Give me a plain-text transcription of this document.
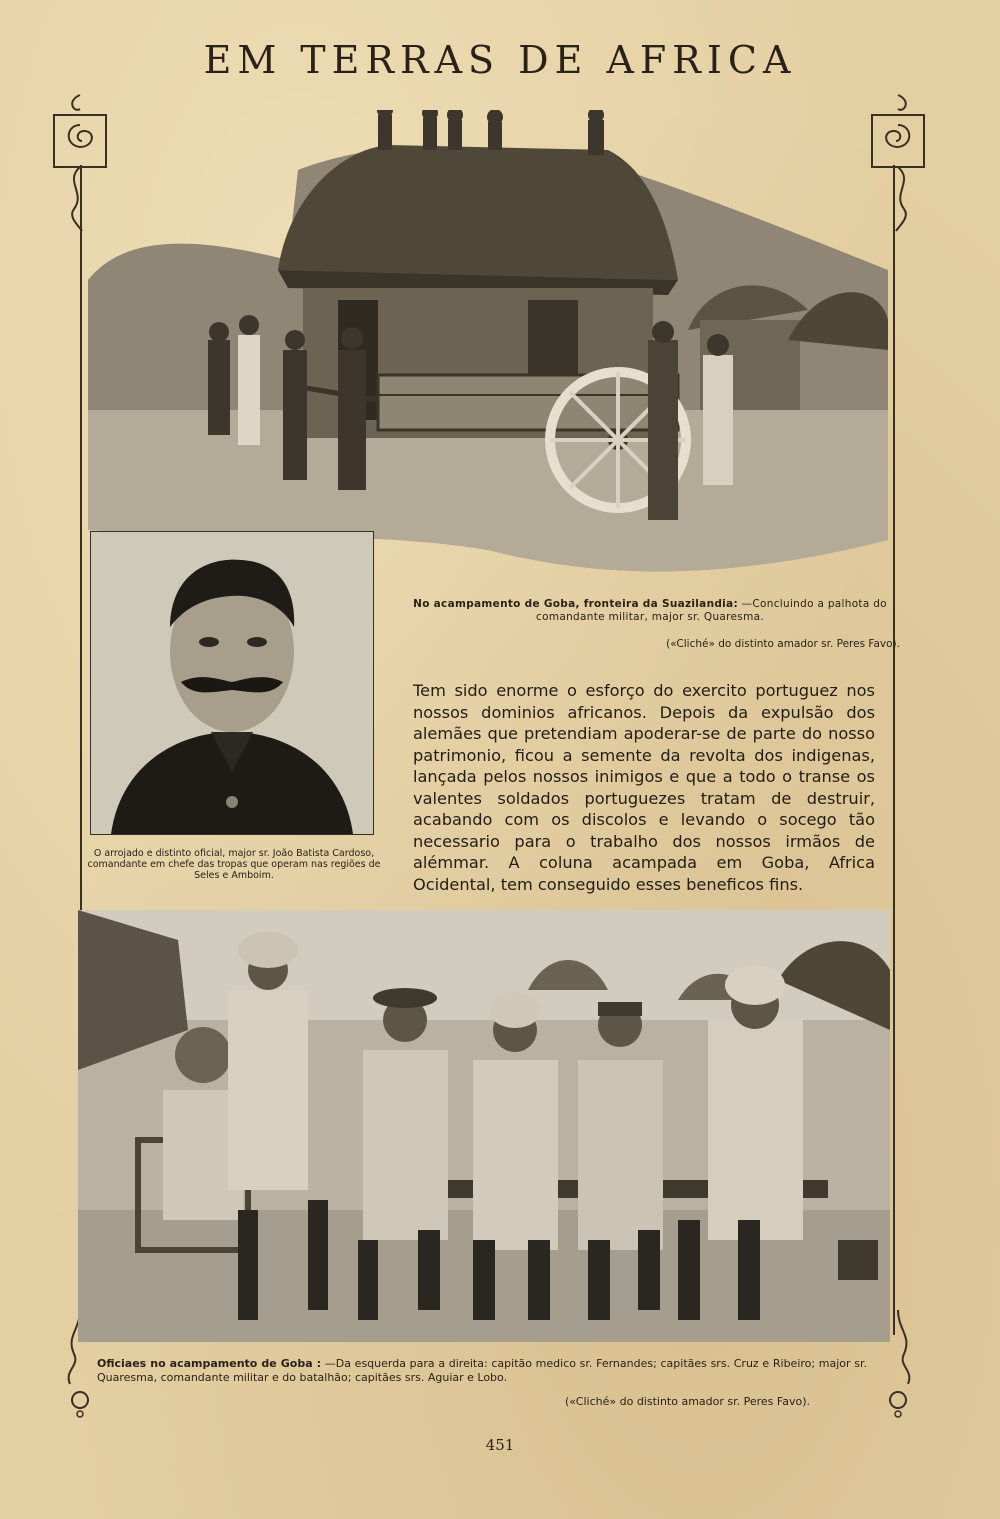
EM TERRAS DE AFRICA
No acampamento de Goba, fronteira da Suazilandia: —Concluindo a palhota do comandante militar, major sr. Quaresma.
(«Cliché» do distinto amador sr. Peres Favo).
O arrojado e distinto oficial, major sr. João Batista Cardoso, comandante em chefe das tropas que operam nas regiões de Seles e Amboim.
Tem sido enorme o esforço do exercito portuguez nos nossos dominios africanos. Depois da expulsão dos alemães que pretendiam apoderar-se de parte do nosso patrimonio, ficou a semente da revolta dos indigenas, lançada pelos nossos inimigos e que a todo o transe os valentes soldados portuguezes tratam de destruir, acabando com os discolos e levando o socego tão necessario para o trabalho dos nossos irmãos de alémmar. A coluna acampada em Goba, Africa Ocidental, tem conseguido esses beneficos fins.
Oficiaes no acampamento de Goba : —Da esquerda para a direita: capitão medico sr. Fernandes; capitães srs. Cruz e Ribeiro; major sr. Quaresma, comandante militar e do batalhão; capitães srs. Aguiar e Lobo.
(«Cliché» do distinto amador sr. Peres Favo).
451
